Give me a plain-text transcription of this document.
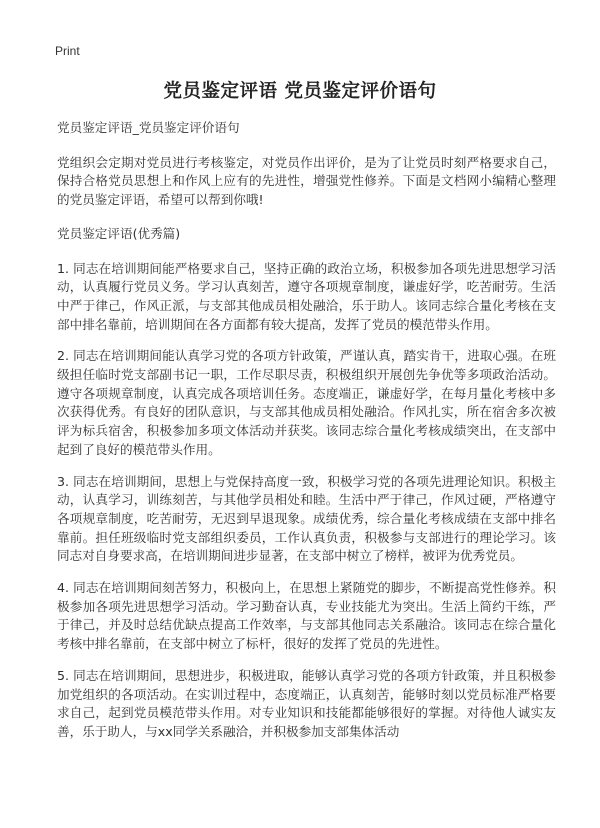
Print
党员鉴定评语 党员鉴定评价语句

党员鉴定评语_党员鉴定评价语句

党组织会定期对党员进行考核鉴定，对党员作出评价，是为了让党员时刻严格要求自己，保持合格党员思想上和作风上应有的先进性，增强党性修养。下面是文档网小编精心整理的党员鉴定评语，希望可以帮到你哦!

党员鉴定评语(优秀篇)

1. 同志在培训期间能严格要求自己，坚持正确的政治立场，积极参加各项先进思想学习活动，认真履行党员义务。学习认真刻苦，遵守各项规章制度，谦虚好学，吃苦耐劳。生活中严于律己，作风正派，与支部其他成员相处融洽，乐于助人。该同志综合量化考核在支部中排名靠前，培训期间在各方面都有较大提高，发挥了党员的模范带头作用。

2. 同志在培训期间能认真学习党的各项方针政策，严谨认真，踏实肯干，进取心强。在班级担任临时党支部副书记一职，工作尽职尽责，积极组织开展创先争优等多项政治活动。遵守各项规章制度，认真完成各项培训任务。态度端正，谦虚好学，在每月量化考核中多次获得优秀。有良好的团队意识，与支部其他成员相处融洽。作风扎实，所在宿舍多次被评为标兵宿舍，积极参加多项文体活动并获奖。该同志综合量化考核成绩突出，在支部中起到了良好的模范带头作用。

3. 同志在培训期间，思想上与党保持高度一致，积极学习党的各项先进理论知识。积极主动，认真学习，训练刻苦，与其他学员相处和睦。生活中严于律己，作风过硬，严格遵守各项规章制度，吃苦耐劳，无迟到早退现象。成绩优秀，综合量化考核成绩在支部中排名靠前。担任班级临时党支部组织委员，工作认真负责，积极参与支部进行的理论学习。该同志对自身要求高，在培训期间进步显著，在支部中树立了榜样，被评为优秀党员。

4. 同志在培训期间刻苦努力，积极向上，在思想上紧随党的脚步，不断提高党性修养。积极参加各项先进思想学习活动。学习勤奋认真，专业技能尤为突出。生活上简约干练，严于律己，并及时总结优缺点提高工作效率，与支部其他同志关系融洽。该同志在综合量化考核中排名靠前，在支部中树立了标杆，很好的发挥了党员的先进性。

5. 同志在培训期间，思想进步，积极进取，能够认真学习党的各项方针政策，并且积极参加党组织的各项活动。在实训过程中，态度端正，认真刻苦，能够时刻以党员标准严格要求自己，起到党员模范带头作用。对专业知识和技能都能够很好的掌握。对待他人诚实友善，乐于助人，与xx同学关系融洽，并积极参加支部集体活动
